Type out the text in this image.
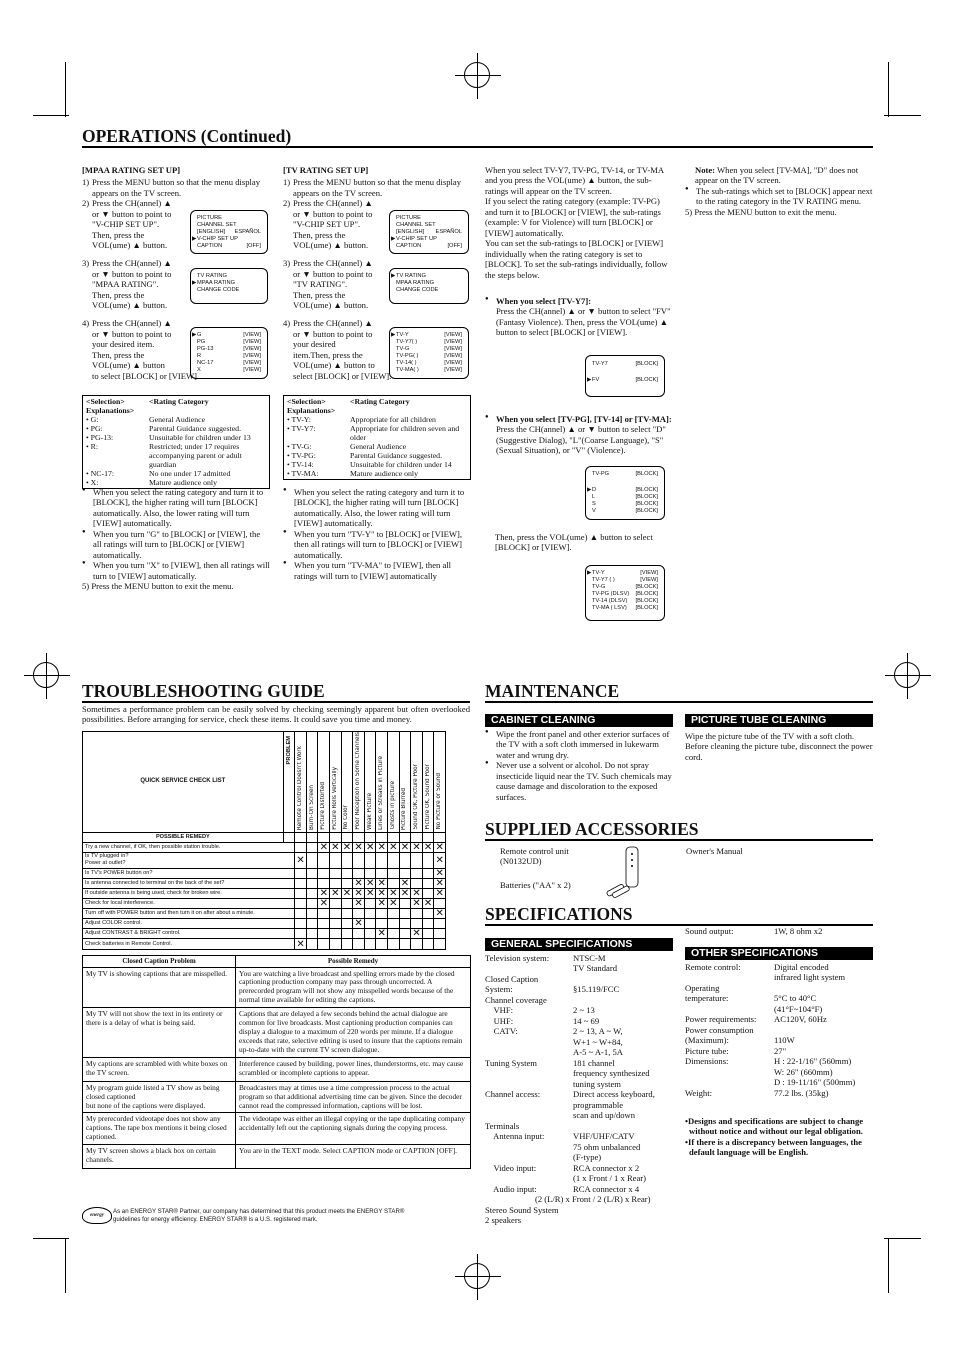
OPERATIONS (Continued)
[MPAA RATING SET UP]
1) Press the MENU button so that the menu display appears on the TV screen.
2) Press the CH(annel) ▲
or ▼ button to point to
"V-CHIP SET UP".
Then, press the
VOL(ume) ▲ button.
3) Press the CH(annel) ▲
or ▼ button to point to
"MPAA RATING".
Then, press the
VOL(ume) ▲ button.
4) Press the CH(annel) ▲
or ▼ button to point to
your desired item.
Then, press the
VOL(ume) ▲ button
to select [BLOCK] or [VIEW].
PICTURE
CHANNEL SET
[ENGLISH] ESPAÑOL
▶ V-CHIP SET UP
CAPTION	[OFF]
TV RATING
▶ MPAA RATING
CHANGE CODE
▶ G	[VIEW]
PG	[VIEW]
PG-13	[VIEW]
R	[VIEW]
NC-17	[VIEW]
X	[VIEW]
<Selection>	<Rating Category
Explanations>
• G:	General Audience
• PG:	Parental Guidance suggested.
• PG-13:	Unsuitable for children under 13
• R:	Restricted; under 17 requires accompanying parent or adult guardian
• NC-17:	No one under 17 admitted
• X:	Mature audience only
● When you select the rating category and turn it to [BLOCK], the higher rating will turn [BLOCK] automatically. Also, the lower rating will turn [VIEW] automatically.
● When you turn "G" to [BLOCK] or [VIEW], the all ratings will turn to [BLOCK] or [VIEW] automatically.
● When you turn "X" to [VIEW], then all ratings will turn to [VIEW] automatically.
5) Press the MENU button to exit the menu.
[TV RATING SET UP]
1) Press the MENU button so that the menu display appears on the TV screen.
2) Press the CH(annel) ▲
or ▼ button to point to
"V-CHIP SET UP".
Then, press the
VOL(ume) ▲ button.
3) Press the CH(annel) ▲
or ▼ button to point to
"TV RATING".
Then, press the
VOL(ume) ▲ button.
4) Press the CH(annel) ▲
or ▼ button to point to
your desired
item.Then, press the
VOL(ume) ▲ button to
select [BLOCK] or [VIEW].
PICTURE
CHANNEL SET
[ENGLISH] ESPAÑOL
▶ V-CHIP SET UP
CAPTION	[OFF]
▶ TV RATING
MPAA RATING
CHANGE CODE
▶ TV-Y	[VIEW]
TV-Y7( )	[VIEW]
TV-G	[VIEW]
TV-PG( )	[VIEW]
TV-14( )	[VIEW]
TV-MA( )	[VIEW]
<Selection>	<Rating Category
Explanations>
• TV-Y:	Appropriate for all children
• TV-Y7:	Appropriate for children seven and older
• TV-G:	General Audience
• TV-PG:	Parental Guidance suggested.
• TV-14:	Unsuitable for children under 14
• TV-MA:	Mature audience only
● When you select the rating category and turn it to [BLOCK], the higher rating will turn [BLOCK] automatically. Also, the lower rating will turn [VIEW] automatically.
● When you turn "TV-Y" to [BLOCK] or [VIEW], then all ratings will turn to [BLOCK] or [VIEW] automatically.
● When you turn "TV-MA" to [VIEW], then all ratings will turn to [VIEW] automatically
When you select TV-Y7, TV-PG, TV-14, or TV-MA and you press the VOL(ume) ▲ button, the sub-ratings will appear on the TV screen.
If you select the rating category (example: TV-PG) and turn it to [BLOCK] or [VIEW], the sub-ratings (example: V for Violence) will turn [BLOCK] or [VIEW] automatically.
You can set the sub-ratings to [BLOCK] or [VIEW] individually when the rating category is set to [BLOCK]. To set the sub-ratings individually, follow the steps below.
● When you select [TV-Y7]:
Press the CH(annel) ▲ or ▼ button to select "FV" (Fantasy Violence). Then, press the VOL(ume) ▲ button to select [BLOCK] or [VIEW].
TV-Y7	[BLOCK]
▶ FV	[BLOCK]
● When you select [TV-PG], [TV-14] or [TV-MA]:
Press the CH(annel) ▲ or ▼ button to select "D" (Suggestive Dialog), "L"(Coarse Language), "S"(Sexual Situation), or "V" (Violence).
TV-PG	[BLOCK]
▶ D	[BLOCK]
L	[BLOCK]
S	[BLOCK]
V	[BLOCK]
Then, press the VOL(ume) ▲ button to select [BLOCK] or [VIEW].
▶ TV-Y	[VIEW]
TV-Y7 ( )	[VIEW]
TV-G	[BLOCK]
TV-PG (DLSV) [BLOCK]
TV-14 (DLSV) [BLOCK]
TV-MA ( LSV) [BLOCK]
Note: When you select [TV-MA], "D" does not appear on the TV screen.
● The sub-ratings which set to [BLOCK] appear next to the rating category in the TV RATING menu.
5) Press the MENU button to exit the menu.
TROUBLESHOOTING GUIDE
Sometimes a performance problem can be easily solved by checking seemingly apparent but often overlooked possibilities. Before arranging for service, check these items. It could save you time and money.
QUICK SERVICE CHECK LIST	PROBLEM	Remote Control Doesn't Work	Burn-On Screen	Picture Distorted	Picture Rolls Vertically	No Color	Poor Reception on Some Channels	Weak Picture	Lines or Streaks in Picture	Ghosts in picture	Picture Blurred	Sound OK, Picture Poor	Picture OK, Sound Poor	No Picture or Sound

POSSIBLE REMEDY														
Try a new channel, if OK, then possible station trouble.				✕	✕	✕	✕	✕	✕	✕	✕	✕	✕	✕
Is TV plugged in?
Power at outlet?		✕												✕
Is TV's POWER button on?														✕
Is antenna connected to terminal on the back of the set?							✕	✕	✕		✕			✕
If outside antenna is being used, check for broken wire.				✕	✕	✕	✕	✕	✕	✕	✕	✕		✕
Check for local interference.				✕			✕		✕	✕		✕	✕	
Turn off with POWER button and then turn it on after about a minute.														✕
Adjust COLOR control.							✕							
Adjust CONTRAST & BRIGHT control.									✕			✕		
Check batteries in Remote Control.		✕												
Closed Caption Problem	Possible Remedy
My TV is showing captions that are misspelled.	You are watching a live broadcast and spelling errors made by the closed captioning production company may pass through uncorrected. A prerecorded program will not show any misspelled words because of the normal time available for editing the captions.
My TV will not show the text in its entirety or there is a delay of what is being said.	Captions that are delayed a few seconds behind the actual dialogue are common for live broadcasts. Most captioning production companies can display a dialogue to a maximum of 220 words per minute. If a dialogue exceeds that rate, selective editing is used to insure that the captions remain up-to-date with the current TV screen dialogue.
My captions are scrambled with white boxes on the TV screen.	Interference caused by building, power lines, thunderstorms, etc. may cause scrambled or incomplete captions to appear.
My program guide listed a TV show as being closed captioned
but none of the captions were displayed.	Broadcasters may at times use a time compression process to the actual program so that additional advertising time can be given. Since the decoder cannot read the compressed information, captions will be lost.
My prerecorded videotape does not show any captions. The tape box mentions it being closed captioned.	The videotape was either an illegal copying or the tape duplicating company accidentally left out the captioning signals during the copying process.
My TV screen shows a black box on certain channels.	You are in the TEXT mode. Select CAPTION mode or CAPTION [OFF].
energy
As an ENERGY STAR® Partner, our company has determined that this product meets the ENERGY STAR® guidelines for energy efficiency. ENERGY STAR® is a U.S. registered mark.
MAINTENANCE
CABINET CLEANING
● Wipe the front panel and other exterior surfaces of the TV with a soft cloth immersed in lukewarm water and wrung dry.
● Never use a solvent or alcohol. Do not spray insecticide liquid near the TV. Such chemicals may cause damage and discoloration to the exposed surfaces.
PICTURE TUBE CLEANING
Wipe the picture tube of the TV with a soft cloth. Before cleaning the picture tube, disconnect the power cord.
SUPPLIED ACCESSORIES
Remote control unit
(N0132UD)
Batteries ("AA" x 2)
Owner's Manual
SPECIFICATIONS
GENERAL SPECIFICATIONS
Television system:	NTSC-M
TV Standard
Closed Caption
System:	
§15.119/FCC
Channel coverage
VHF:	2 ~ 13
UHF:	14 ~ 69
CATV:	2 ~ 13, A ~ W,
W+1 ~ W+84,
A-5 ~ A-1, 5A
Tuning System	181 channel
frequency synthesized
tuning system
Channel access:	Direct access keyboard,
programmable
scan and up/down
Terminals
Antenna input:	VHF/UHF/CATV
75 ohm unbalanced
(F-type)
Video input:	RCA connector x 2
(1 x Front / 1 x Rear)
Audio input:	RCA connector x 4
(2 (L/R) x Front / 2 (L/R) x Rear)
Stereo Sound System
2 speakers
Sound output:	1W, 8 ohm x2
OTHER SPECIFICATIONS
Remote control:	Digital encoded
infrared light system
Operating
temperature:	
5°C to 40°C
(41°F~104°F)
Power requirements:	AC120V, 60Hz
Power consumption
(Maximum):	
110W
Picture tube:	27"
Dimensions:	H : 22-1/16" (560mm)
W: 26" (660mm)
D : 19-11/16" (500mm)
Weight:	77.2 lbs. (35kg)
•Designs and specifications are subject to change without notice and without our legal obligation.
•If there is a discrepancy between languages, the default language will be English.
